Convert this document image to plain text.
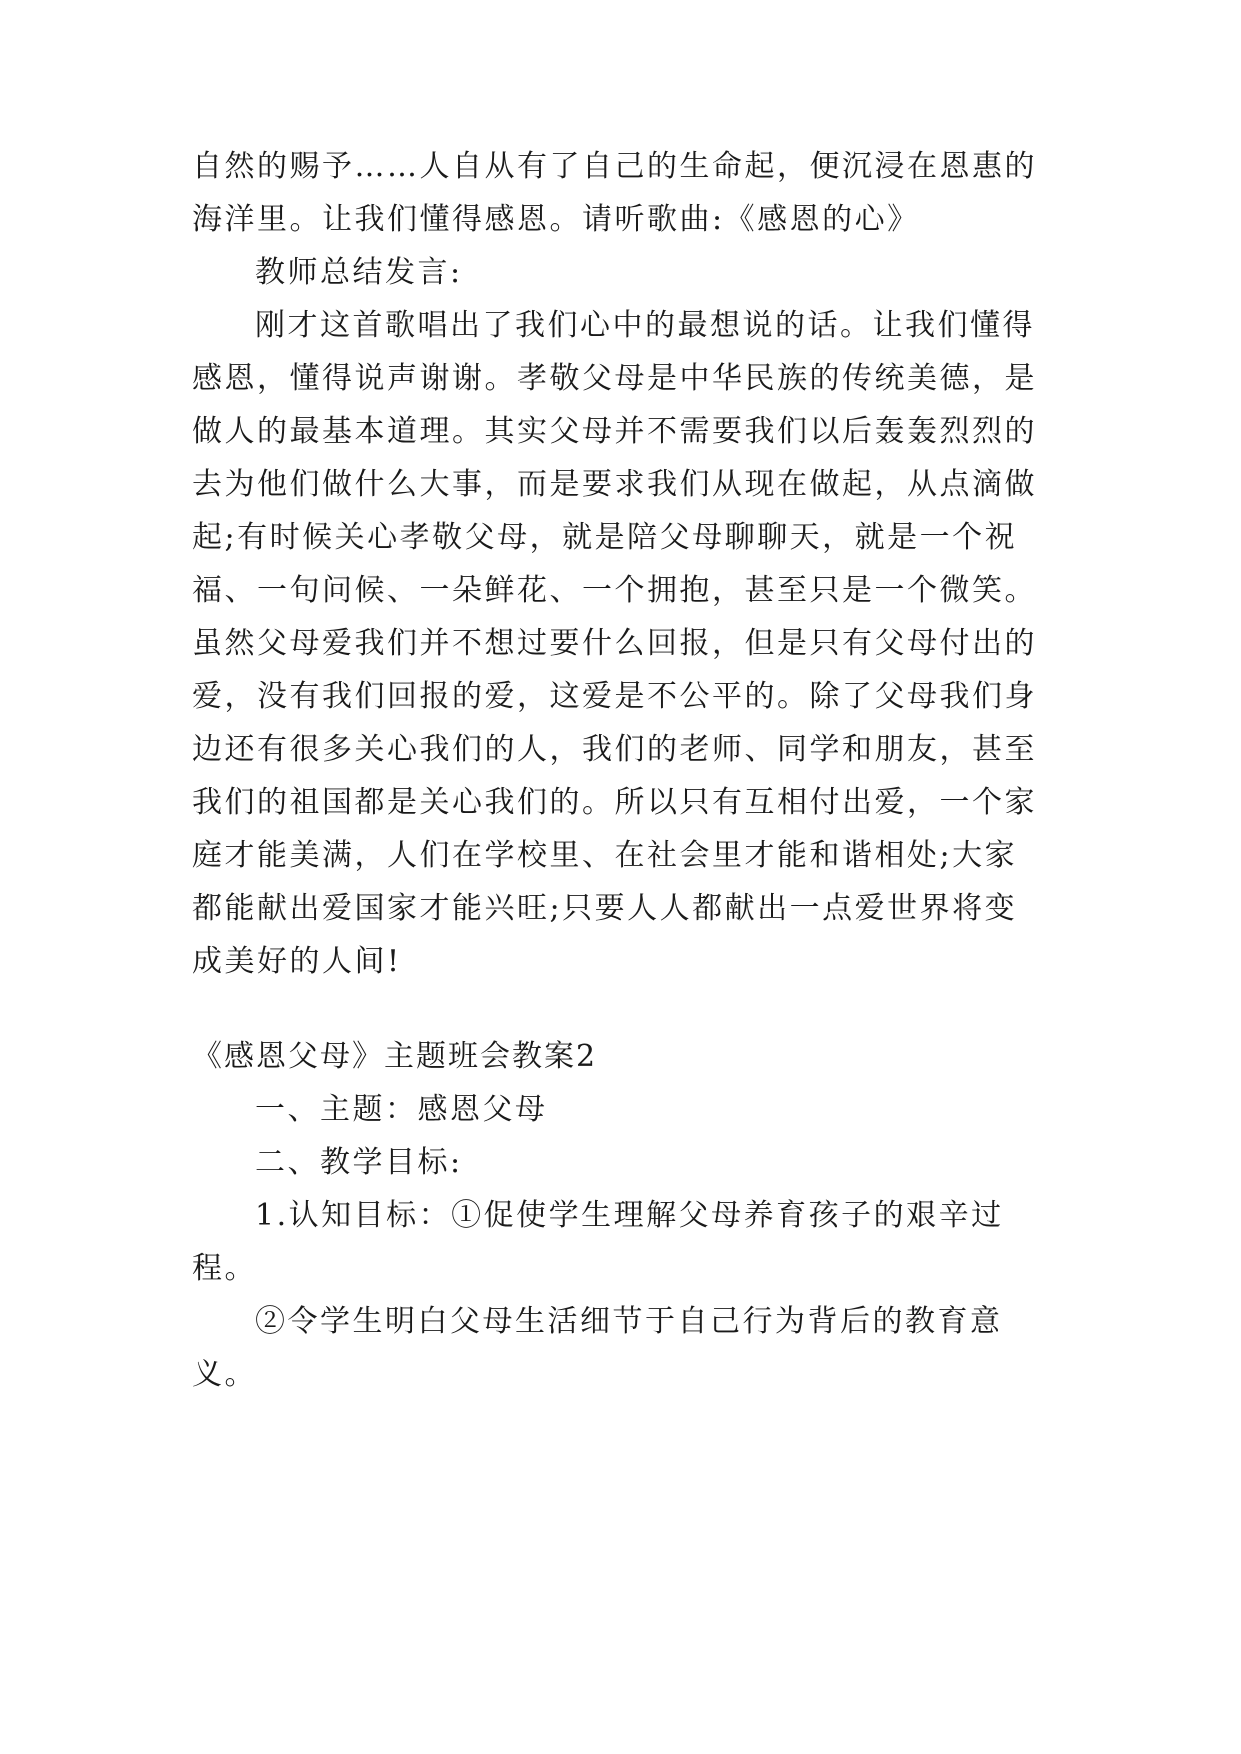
自然的赐予……人自从有了自己的生命起，便沉浸在恩惠的
海洋里。让我们懂得感恩。请听歌曲:《感恩的心》
教师总结发言:
刚才这首歌唱出了我们心中的最想说的话。让我们懂得
感恩，懂得说声谢谢。孝敬父母是中华民族的传统美德，是
做人的最基本道理。其实父母并不需要我们以后轰轰烈烈的
去为他们做什么大事，而是要求我们从现在做起，从点滴做
起;有时候关心孝敬父母，就是陪父母聊聊天，就是一个祝
福、一句问候、一朵鲜花、一个拥抱，甚至只是一个微笑。
虽然父母爱我们并不想过要什么回报，但是只有父母付出的
爱，没有我们回报的爱，这爱是不公平的。除了父母我们身
边还有很多关心我们的人，我们的老师、同学和朋友，甚至
我们的祖国都是关心我们的。所以只有互相付出爱，一个家
庭才能美满，人们在学校里、在社会里才能和谐相处;大家
都能献出爱国家才能兴旺;只要人人都献出一点爱世界将变
成美好的人间!
《感恩父母》主题班会教案2
一、主题：感恩父母
二、教学目标:
1.认知目标：①促使学生理解父母养育孩子的艰辛过
程。
②令学生明白父母生活细节于自己行为背后的教育意
义。
